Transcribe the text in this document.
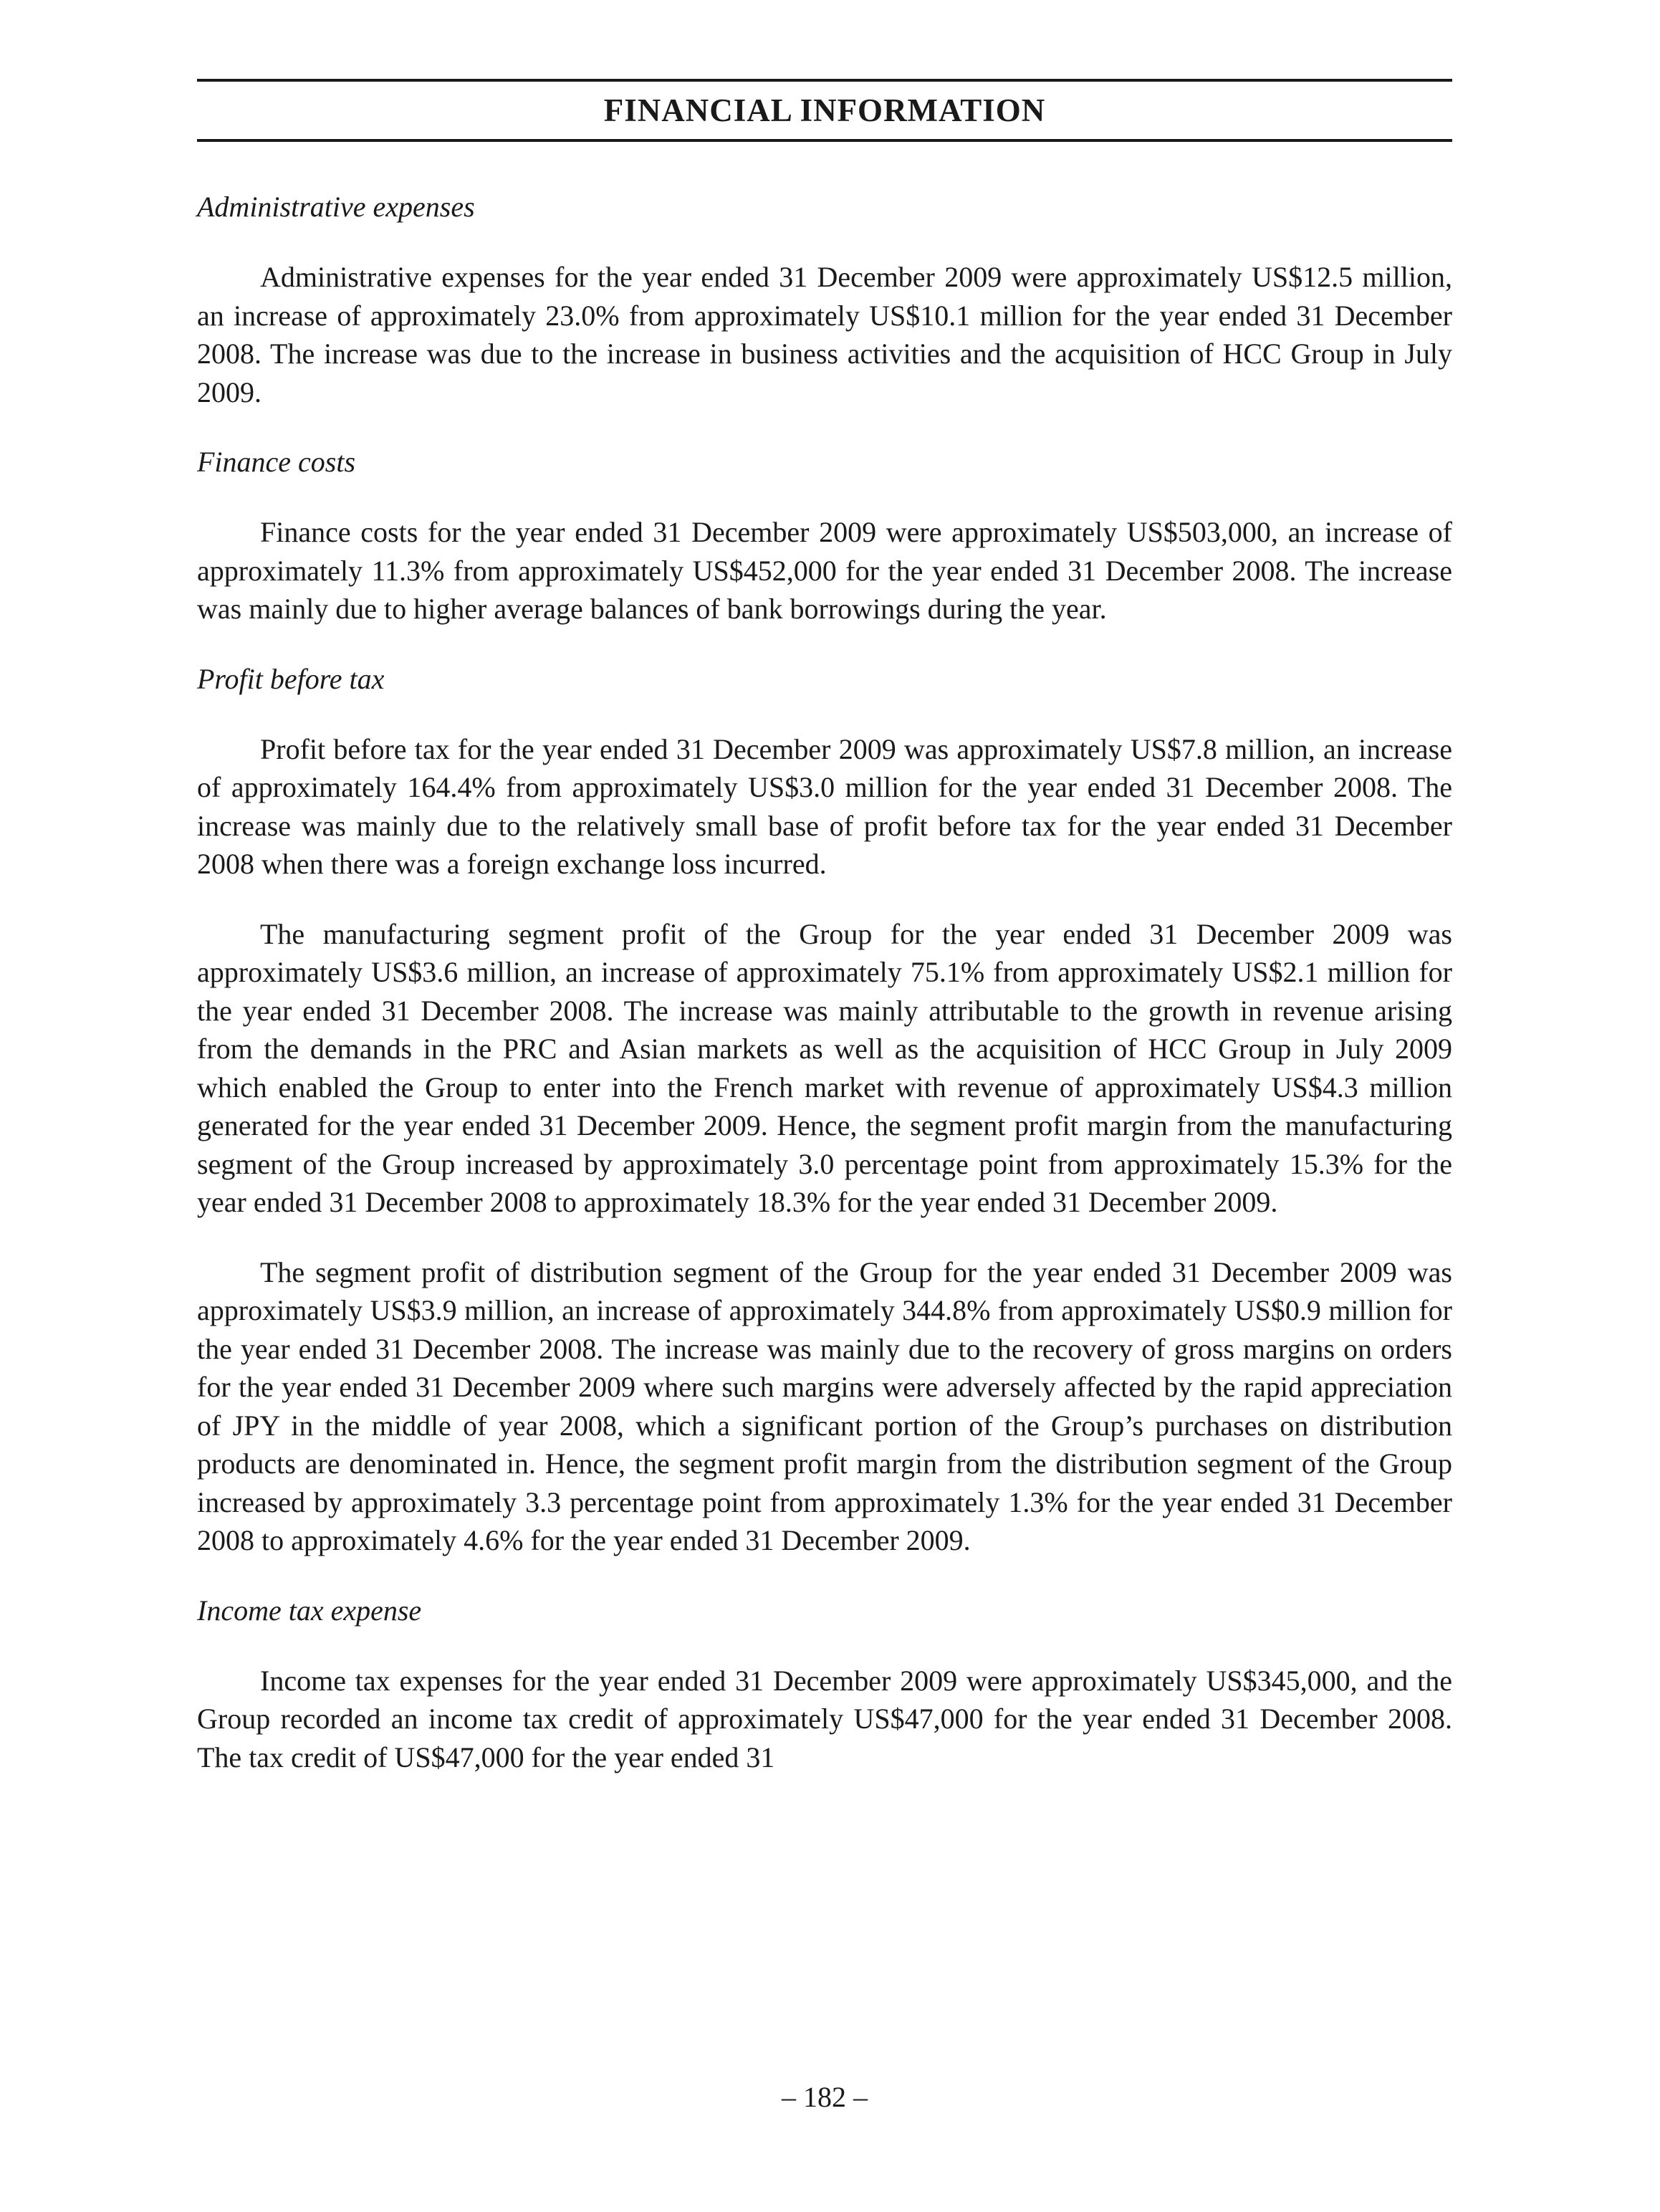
FINANCIAL INFORMATION
Administrative expenses

Administrative expenses for the year ended 31 December 2009 were approximately US$12.5 million, an increase of approximately 23.0% from approximately US$10.1 million for the year ended 31 December 2008. The increase was due to the increase in business activities and the acquisition of HCC Group in July 2009.

Finance costs

Finance costs for the year ended 31 December 2009 were approximately US$503,000, an increase of approximately 11.3% from approximately US$452,000 for the year ended 31 December 2008. The increase was mainly due to higher average balances of bank borrowings during the year.

Profit before tax

Profit before tax for the year ended 31 December 2009 was approximately US$7.8 million, an increase of approximately 164.4% from approximately US$3.0 million for the year ended 31 December 2008. The increase was mainly due to the relatively small base of profit before tax for the year ended 31 December 2008 when there was a foreign exchange loss incurred.

The manufacturing segment profit of the Group for the year ended 31 December 2009 was approximately US$3.6 million, an increase of approximately 75.1% from approximately US$2.1 million for the year ended 31 December 2008. The increase was mainly attributable to the growth in revenue arising from the demands in the PRC and Asian markets as well as the acquisition of HCC Group in July 2009 which enabled the Group to enter into the French market with revenue of approximately US$4.3 million generated for the year ended 31 December 2009. Hence, the segment profit margin from the manufacturing segment of the Group increased by approximately 3.0 percentage point from approximately 15.3% for the year ended 31 December 2008 to approximately 18.3% for the year ended 31 December 2009.

The segment profit of distribution segment of the Group for the year ended 31 December 2009 was approximately US$3.9 million, an increase of approximately 344.8% from approximately US$0.9 million for the year ended 31 December 2008. The increase was mainly due to the recovery of gross margins on orders for the year ended 31 December 2009 where such margins were adversely affected by the rapid appreciation of JPY in the middle of year 2008, which a significant portion of the Group’s purchases on distribution products are denominated in. Hence, the segment profit margin from the distribution segment of the Group increased by approximately 3.3 percentage point from approximately 1.3% for the year ended 31 December 2008 to approximately 4.6% for the year ended 31 December 2009.

Income tax expense

Income tax expenses for the year ended 31 December 2009 were approximately US$345,000, and the Group recorded an income tax credit of approximately US$47,000 for the year ended 31 December 2008. The tax credit of US$47,000 for the year ended 31

– 182 –
